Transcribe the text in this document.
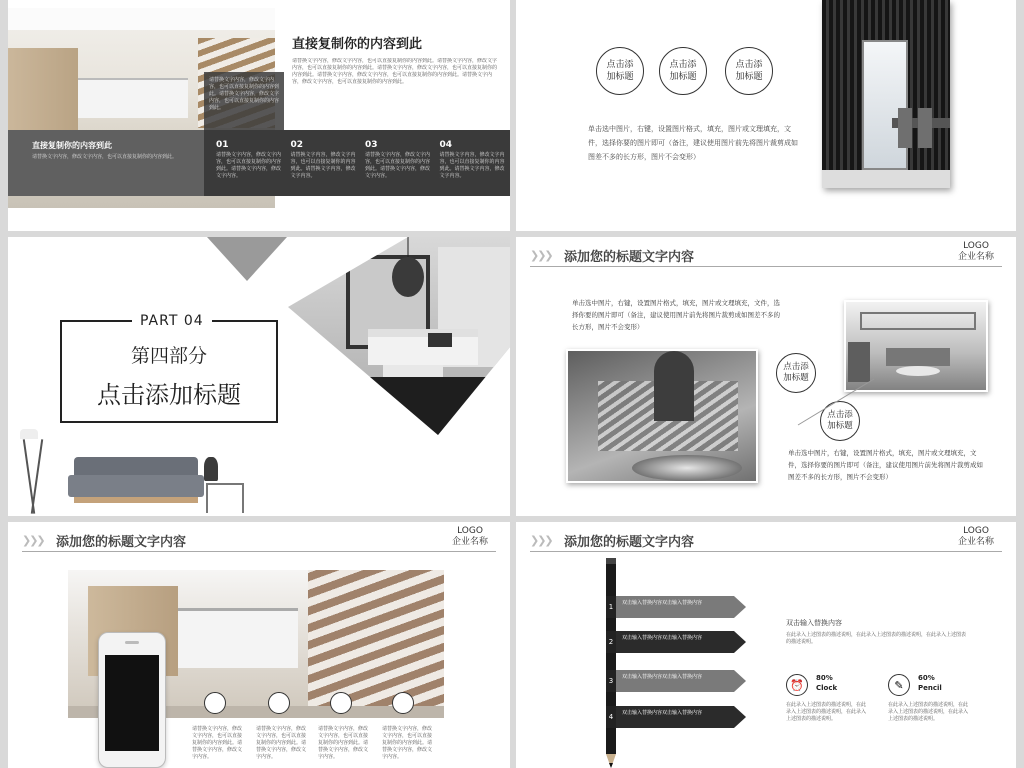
请替换文字内容，修改文字内容，也可以直接复制你的内容到此。请替换文字内容，修改文字内容，也可以直接复制你的内容到此。
直接复制你的内容到此
请替换文字内容，修改文字内容，也可以直接复制你的内容到此。请替换文字内容，修改文字内容，也可以直接复制你的内容到此。请替换文字内容，修改文字内容，也可以直接复制你的内容到此。请替换文字内容，修改文字内容，也可以直接复制你的内容到此。请替换文字内容，修改文字内容，也可以直接复制你的内容到此。
直接复制你的内容到此
请替换文字内容，修改文字内容，也可以直接复制你的内容到此。
01
请替换文字内容，修改文字内容，也可以直接复制你的内容到此。请替换文字内容，修改文字内容。
02
请替换文字内容，修改文字内容，也可以直接复制你的内容到此。请替换文字内容，修改文字内容。
03
请替换文字内容，修改文字内容，也可以直接复制你的内容到此。请替换文字内容，修改文字内容。
04
请替换文字内容，修改文字内容，也可以直接复制你的内容到此。请替换文字内容，修改文字内容。
点击添加标题
点击添加标题
点击添加标题
单击选中图片，右键，设置图片格式，填充，图片或文理填充，文件，选择你要的图片即可（备注，建议使用图片前先将图片裁剪成如图差不多的长方形，图片不会变形）
PART 04
第四部分
点击添加标题
❯❯❯ 添加您的标题文字内容
LOGO
企业名称
单击选中图片，右键，设置图片格式，填充，图片或文理填充，文件，选择你要的图片即可（备注，建议使用图片前先将图片裁剪成如图差不多的长方形，图片不会变形）
点击添加标题
点击添加标题
单击选中图片，右键，设置图片格式，填充，图片或文理填充，文件，选择你要的图片即可（备注，建议使用图片前先将图片裁剪成如图差不多的长方形，图片不会变形）
❯❯❯ 添加您的标题文字内容
LOGO
企业名称
请替换文字内容，修改文字内容，也可以直接复制你的内容到此。请替换文字内容，修改文字内容。
请替换文字内容，修改文字内容，也可以直接复制你的内容到此。请替换文字内容，修改文字内容。
请替换文字内容，修改文字内容，也可以直接复制你的内容到此。请替换文字内容，修改文字内容。
请替换文字内容，修改文字内容，也可以直接复制你的内容到此。请替换文字内容，修改文字内容。
❯❯❯ 添加您的标题文字内容
LOGO
企业名称
1	双击输入替换内容双击输入替换内容
2	双击输入替换内容双击输入替换内容
3	双击输入替换内容双击输入替换内容
4	双击输入替换内容双击输入替换内容
双击输入替换内容
在此录入上述图表的描述说明，在此录入上述图表的描述说明，在此录入上述图表的描述说明。
⏰
80%
Clock
在此录入上述图表的描述说明，在此录入上述图表的描述说明，在此录入上述图表的描述说明。
✎
60%
Pencil
在此录入上述图表的描述说明，在此录入上述图表的描述说明，在此录入上述图表的描述说明。
